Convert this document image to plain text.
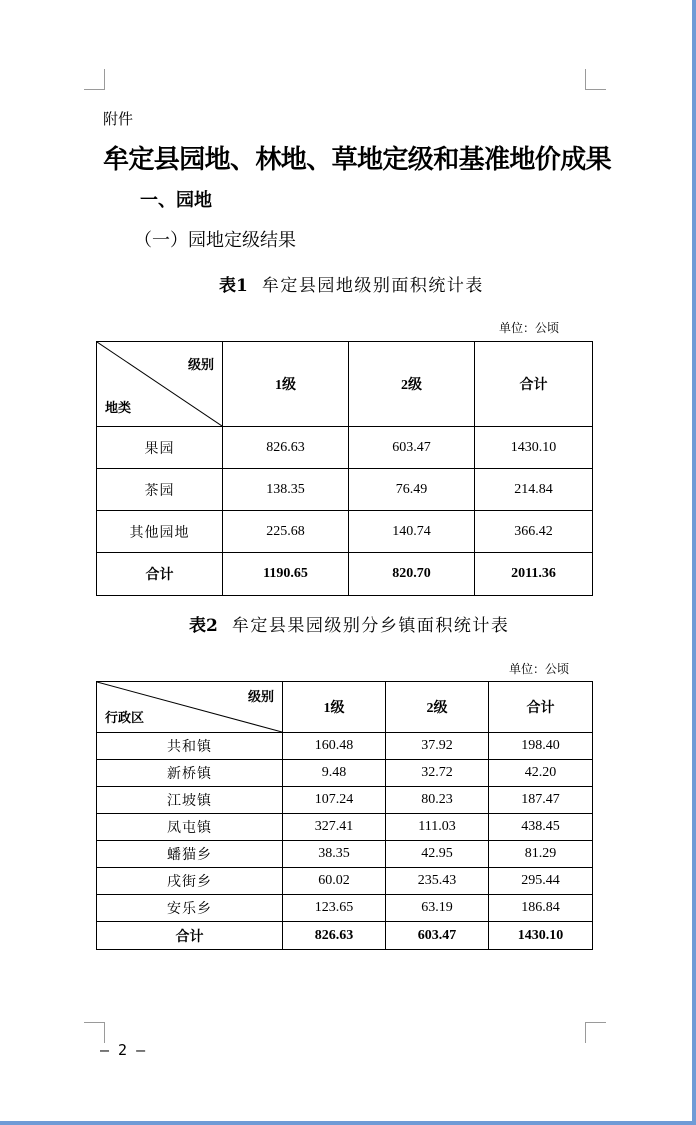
附件
牟定县园地、林地、草地定级和基准地价成果
一、园地
（一）园地定级结果
表1 牟定县园地级别面积统计表
单位：公顷
级别
地类	1级	2级	合计
果园	826.63	603.47	1430.10
茶园	138.35	76.49	214.84
其他园地	225.68	140.74	366.42
合计	1190.65	820.70	2011.36
表2 牟定县果园级别分乡镇面积统计表
单位：公顷
级别
行政区	1级	2级	合计
共和镇	160.48	37.92	198.40
新桥镇	9.48	32.72	42.20
江坡镇	107.24	80.23	187.47
凤屯镇	327.41	111.03	438.45
蟠猫乡	38.35	42.95	81.29
戌街乡	60.02	235.43	295.44
安乐乡	123.65	63.19	186.84
合计	826.63	603.47	1430.10
— 2 —
